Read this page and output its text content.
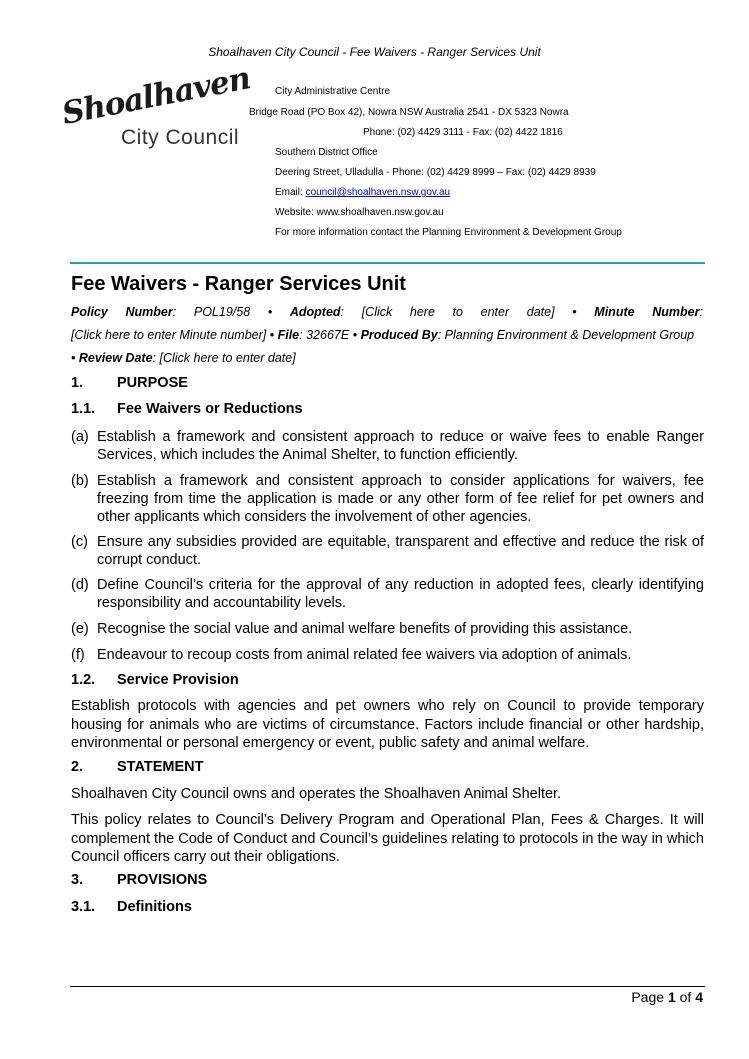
Shoalhaven City Council - Fee Waivers - Ranger Services Unit
Shoalhaven
City Council
City Administrative Centre
Bridge Road (PO Box 42), Nowra NSW Australia 2541 - DX 5323 Nowra
Phone: (02) 4429 3111 - Fax: (02) 4422 1816
Southern District Office
Deering Street, Ulladulla - Phone: (02) 4429 8999 – Fax: (02) 4429 8939
Email: council@shoalhaven.nsw.gov.au
Website: www.shoalhaven.nsw.gov.au
For more information contact the Planning Environment & Development Group
Fee Waivers - Ranger Services Unit
Policy Number: POL19/58 • Adopted: [Click here to enter date] • Minute Number:
[Click here to enter Minute number] • File: 32667E • Produced By: Planning Environment & Development Group
• Review Date: [Click here to enter date]
1. PURPOSE
1.1. Fee Waivers or Reductions
(a) Establish a framework and consistent approach to reduce or waive fees to enable Ranger Services, which includes the Animal Shelter, to function efficiently.
(b) Establish a framework and consistent approach to consider applications for waivers, fee freezing from time the application is made or any other form of fee relief for pet owners and other applicants which considers the involvement of other agencies.
(c) Ensure any subsidies provided are equitable, transparent and effective and reduce the risk of corrupt conduct.
(d) Define Council’s criteria for the approval of any reduction in adopted fees, clearly identifying responsibility and accountability levels.
(e) Recognise the social value and animal welfare benefits of providing this assistance.
(f) Endeavour to recoup costs from animal related fee waivers via adoption of animals.
1.2. Service Provision
Establish protocols with agencies and pet owners who rely on Council to provide temporary housing for animals who are victims of circumstance. Factors include financial or other hardship, environmental or personal emergency or event, public safety and animal welfare.
2. STATEMENT
Shoalhaven City Council owns and operates the Shoalhaven Animal Shelter.
This policy relates to Council’s Delivery Program and Operational Plan, Fees & Charges. It will complement the Code of Conduct and Council’s guidelines relating to protocols in the way in which Council officers carry out their obligations.
3. PROVISIONS
3.1. Definitions
Page 1 of 4
